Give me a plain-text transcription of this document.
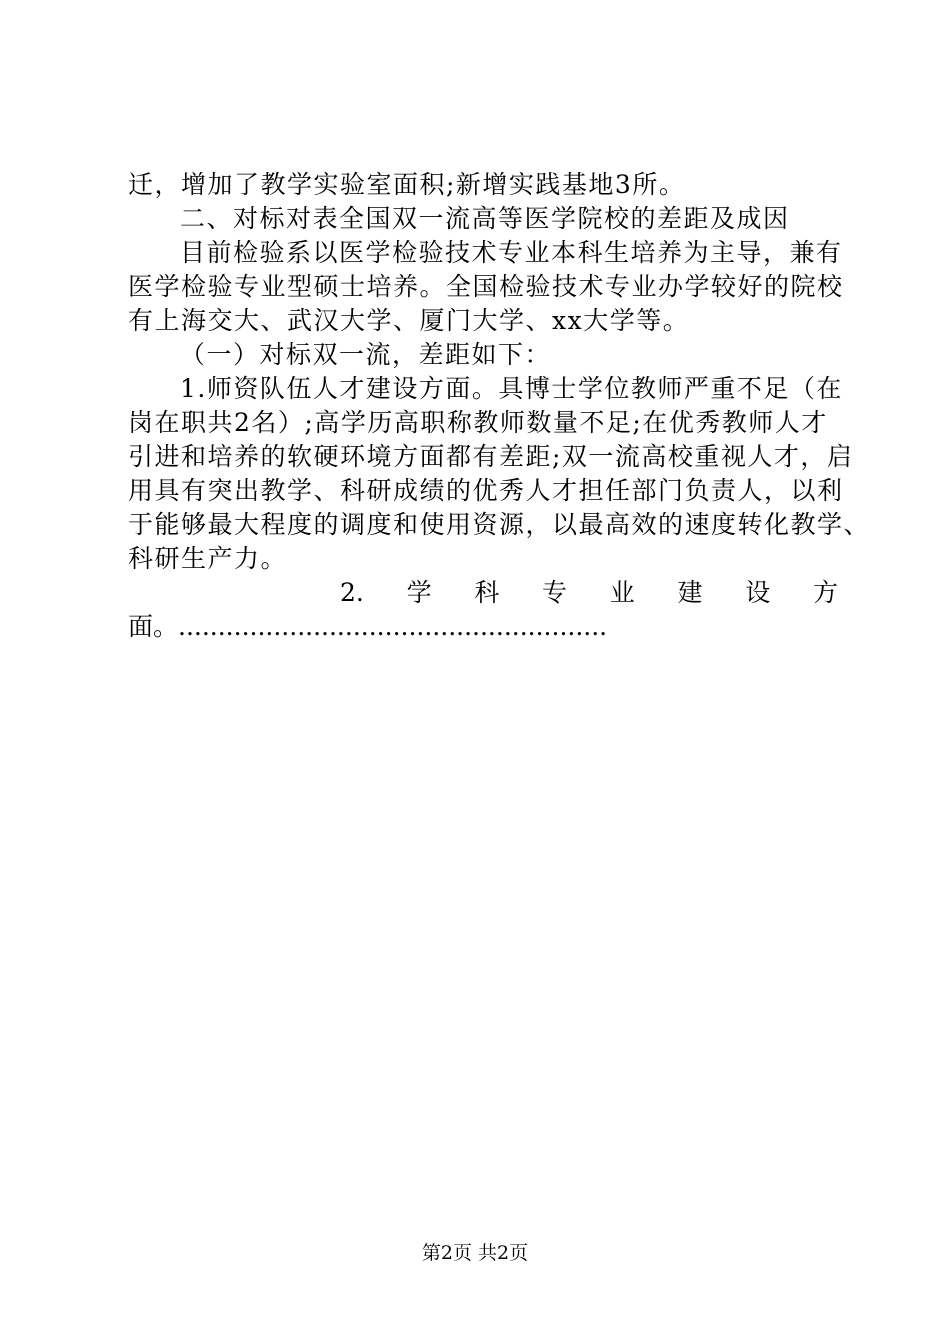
迁，增加了教学实验室面积;新增实践基地3所。
二、对标对表全国双一流高等医学院校的差距及成因
目前检验系以医学检验技术专业本科生培养为主导，兼有
医学检验专业型硕士培养。全国检验技术专业办学较好的院校
有上海交大、武汉大学、厦门大学、xx大学等。
（一）对标双一流，差距如下：
1.师资队伍人才建设方面。具博士学位教师严重不足（在
岗在职共2名）;高学历高职称教师数量不足;在优秀教师人才
引进和培养的软硬环境方面都有差距;双一流高校重视人才，启
用具有突出教学、科研成绩的优秀人才担任部门负责人，以利
于能够最大程度的调度和使用资源，以最高效的速度转化教学、
科研生产力。
2. 学 科 专 业 建 设 方
面。......................................................
第2页 共2页
